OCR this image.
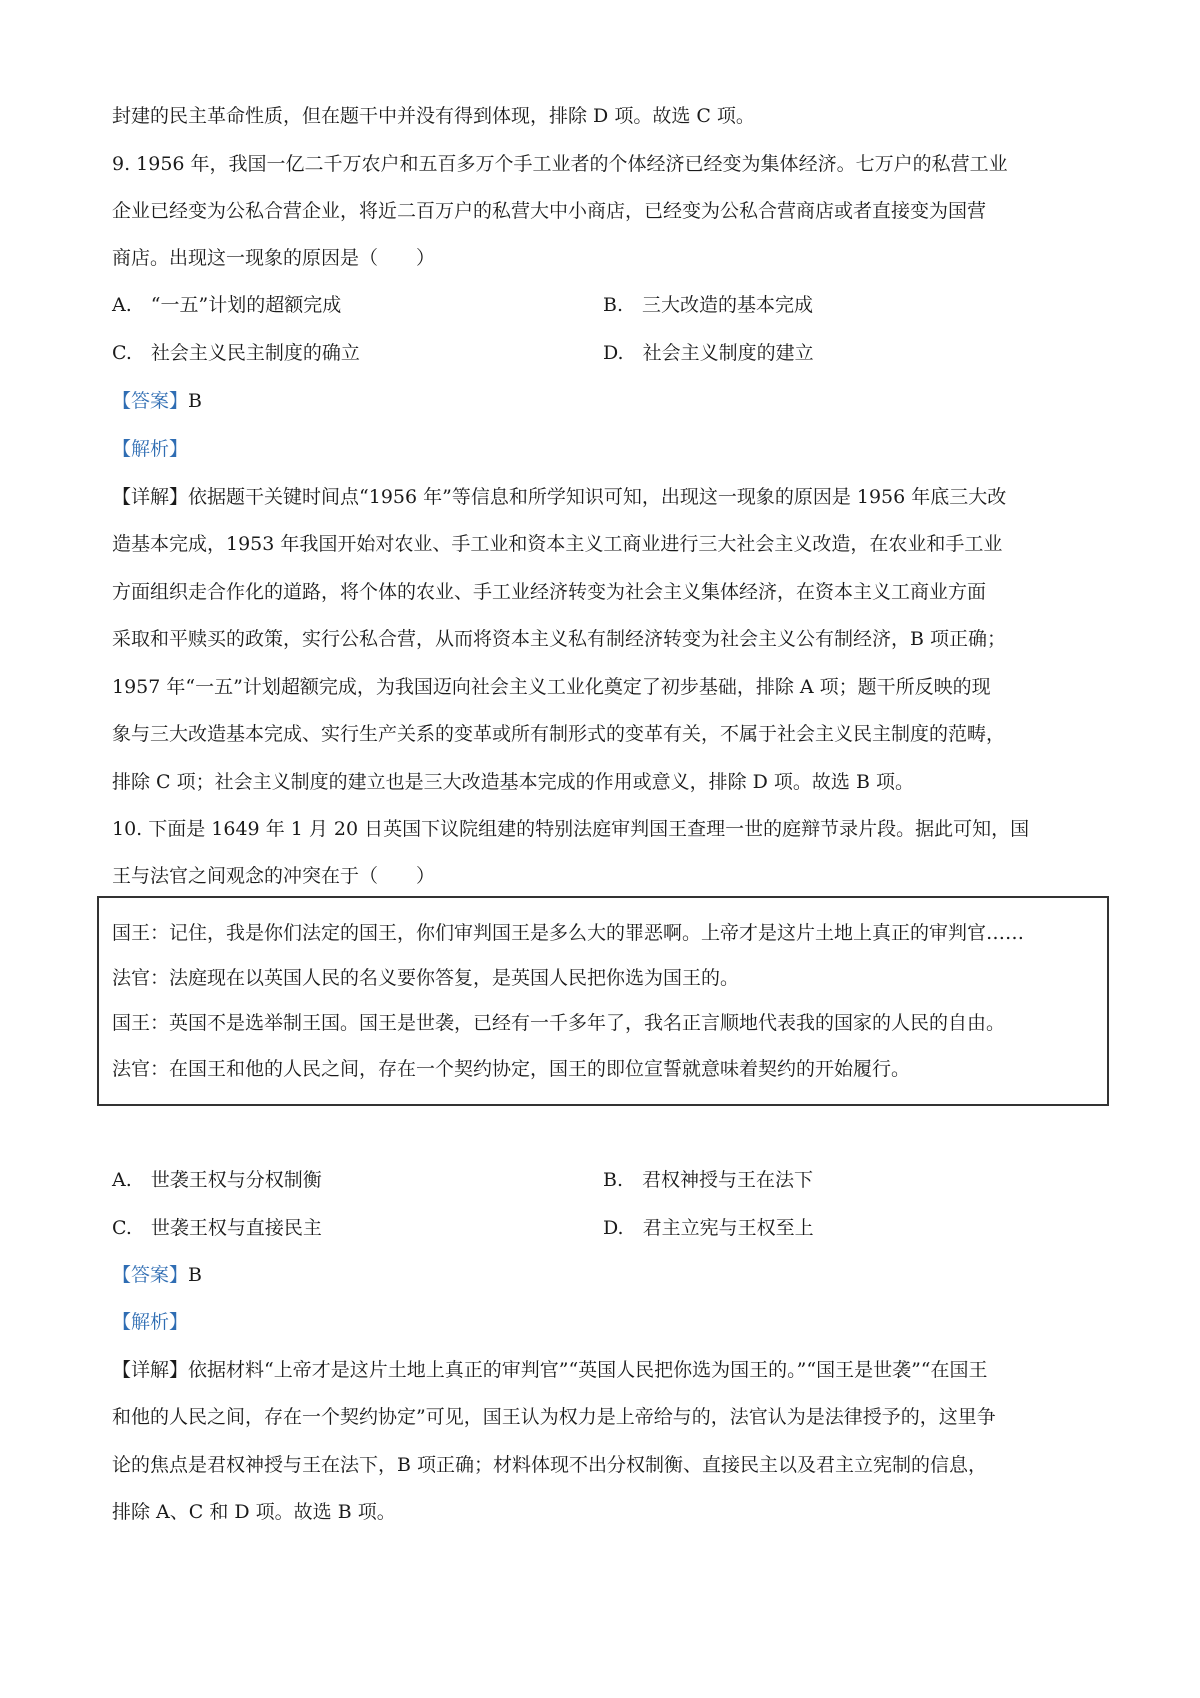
封建的民主革命性质，但在题干中并没有得到体现，排除 D 项。故选 C 项。
9. 1956 年，我国一亿二千万农户和五百多万个手工业者的个体经济已经变为集体经济。七万户的私营工业
企业已经变为公私合营企业，将近二百万户的私营大中小商店，已经变为公私合营商店或者直接变为国营
商店。出现这一现象的原因是（　　）
A.　“一五”计划的超额完成	B.　三大改造的基本完成
C.　社会主义民主制度的确立	D.　社会主义制度的建立
【答案】B
【解析】
【详解】依据题干关键时间点“1956 年”等信息和所学知识可知，出现这一现象的原因是 1956 年底三大改
造基本完成，1953 年我国开始对农业、手工业和资本主义工商业进行三大社会主义改造，在农业和手工业
方面组织走合作化的道路，将个体的农业、手工业经济转变为社会主义集体经济，在资本主义工商业方面
采取和平赎买的政策，实行公私合营，从而将资本主义私有制经济转变为社会主义公有制经济，B 项正确；
1957 年“一五”计划超额完成，为我国迈向社会主义工业化奠定了初步基础，排除 A 项；题干所反映的现
象与三大改造基本完成、实行生产关系的变革或所有制形式的变革有关，不属于社会主义民主制度的范畴，
排除 C 项；社会主义制度的建立也是三大改造基本完成的作用或意义，排除 D 项。故选 B 项。
10. 下面是 1649 年 1 月 20 日英国下议院组建的特别法庭审判国王查理一世的庭辩节录片段。据此可知，国
王与法官之间观念的冲突在于（　　）
国王：记住，我是你们法定的国王，你们审判国王是多么大的罪恶啊。上帝才是这片土地上真正的审判官……
法官：法庭现在以英国人民的名义要你答复，是英国人民把你选为国王的。
国王：英国不是选举制王国。国王是世袭，已经有一千多年了，我名正言顺地代表我的国家的人民的自由。
法官：在国王和他的人民之间，存在一个契约协定，国王的即位宣誓就意味着契约的开始履行。
A.　世袭王权与分权制衡	B.　君权神授与王在法下
C.　世袭王权与直接民主	D.　君主立宪与王权至上
【答案】B
【解析】
【详解】依据材料“上帝才是这片土地上真正的审判官”“英国人民把你选为国王的。”“国王是世袭”“在国王
和他的人民之间，存在一个契约协定”可见，国王认为权力是上帝给与的，法官认为是法律授予的，这里争
论的焦点是君权神授与王在法下，B 项正确；材料体现不出分权制衡、直接民主以及君主立宪制的信息，
排除 A、C 和 D 项。故选 B 项。
